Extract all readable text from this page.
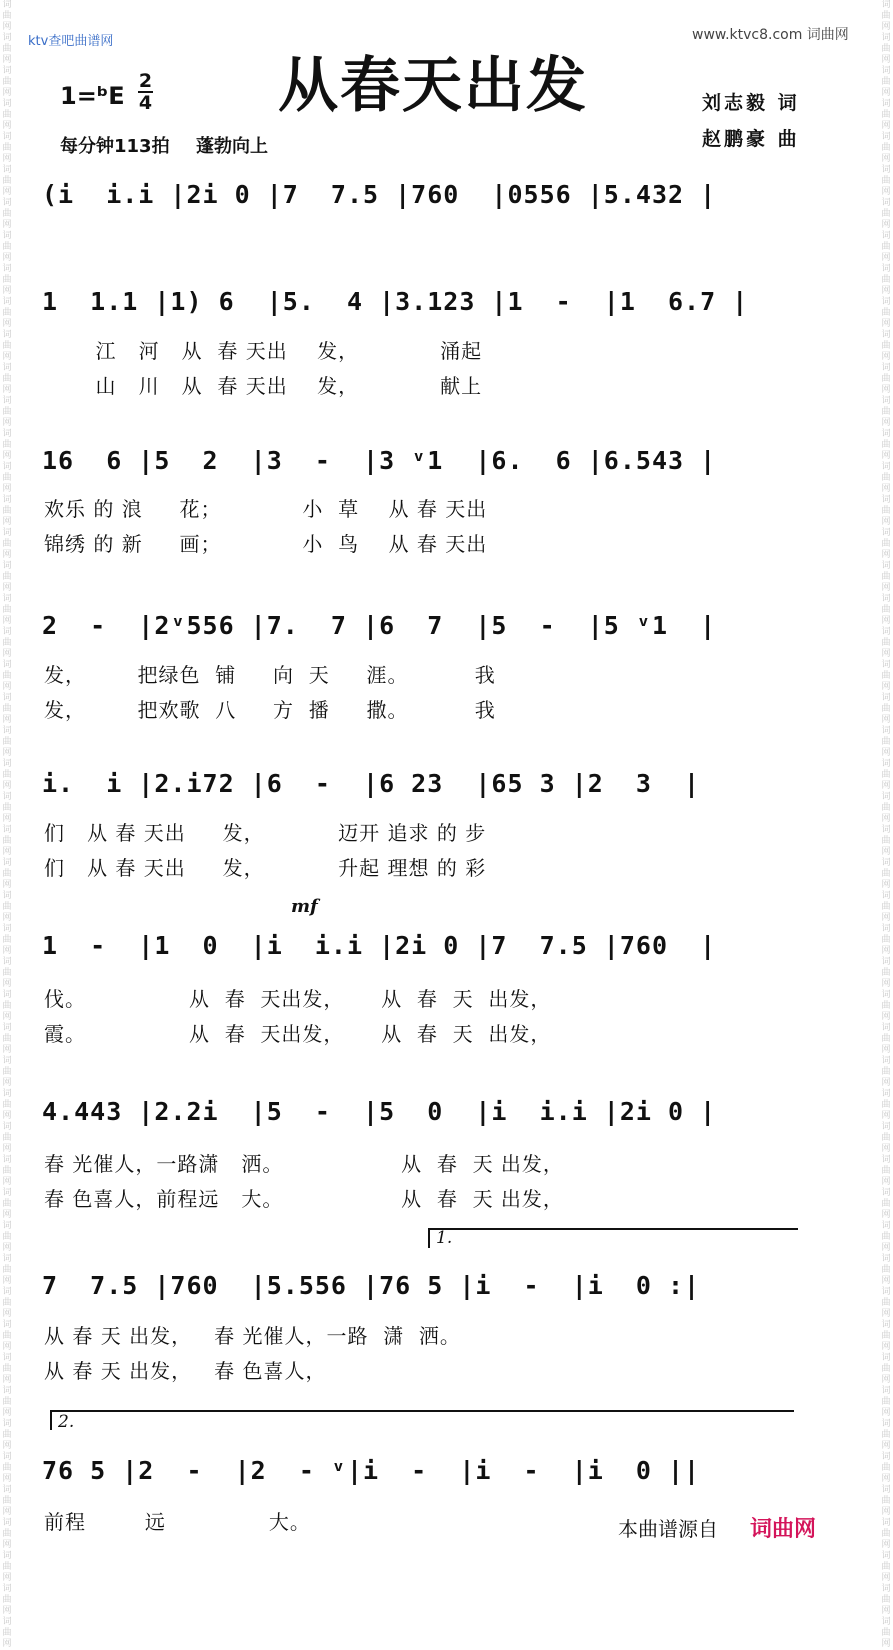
词曲网词曲网词曲网词曲网词曲网词曲网词曲网词曲网词曲网词曲网词曲网词曲网词曲网词曲网词曲网词曲网词曲网词曲网词曲网词曲网词曲网词曲网词曲网词曲网词曲网词曲网词曲网词曲网词曲网词曲网词曲网词曲网词曲网词曲网词曲网词曲网词曲网词曲网词曲网词曲网词曲网词曲网词曲网词曲网词曲网词曲网词曲网词曲网词曲网词曲网
词曲网词曲网词曲网词曲网词曲网词曲网词曲网词曲网词曲网词曲网词曲网词曲网词曲网词曲网词曲网词曲网词曲网词曲网词曲网词曲网词曲网词曲网词曲网词曲网词曲网词曲网词曲网词曲网词曲网词曲网词曲网词曲网词曲网词曲网词曲网词曲网词曲网词曲网词曲网词曲网词曲网词曲网词曲网词曲网词曲网词曲网词曲网词曲网词曲网词曲网
ktv查吧曲谱网	www.ktvc8.com 词曲网
从春天出发
1=ᵇE
2
4
每分钟113拍 蓬勃向上
刘志毅 词
赵鹏豪 曲
(i  i.i |2i 0 |7  7.5 |760  |0556 |5.432 |
1  1.1 |1) 6  |5.  4 |3.123 |1  -  |1  6.7 |
江   河   从  春 天出    发，           涌起
山   川   从  春 天出    发，           献上
16  6 |5  2  |3  -  |3 ᵛ1  |6.  6 |6.543 |
欢乐 的 浪     花；           小  草    从 春 天出
锦绣 的 新     画；           小  鸟    从 春 天出
2  -  |2ᵛ556 |7.  7 |6  7  |5  -  |5 ᵛ1  |
发，       把绿色  铺     向  天     涯。         我
发，       把欢歌  八     方  播     撒。         我
i.  i |2.i72 |6  -  |6 23  |65 3 |2  3  |
们   从 春 天出     发，          迈开 追求 的 步
们   从 春 天出     发，          升起 理想 的 彩
mf
1  -  |1  0  |i  i.i |2i 0 |7  7.5 |760  |
伐。              从  春  天出发，     从  春  天  出发，
霞。              从  春  天出发，     从  春  天  出发，
4.443 |2.2i  |5  -  |5  0  |i  i.i |2i 0 |
春 光催人，一路潇   洒。                从  春  天 出发，
春 色喜人，前程远   大。                从  春  天 出发，
1.
7  7.5 |760  |5.556 |76 5 |i  -  |i  0 :|
从 春 天 出发，   春 光催人，一路  潇  洒。
从 春 天 出发，   春 色喜人，
2.
76 5 |2  -  |2  - ᵛ|i  -  |i  -  |i  0 ||
前程        远              大。	本曲谱源自 词曲网
